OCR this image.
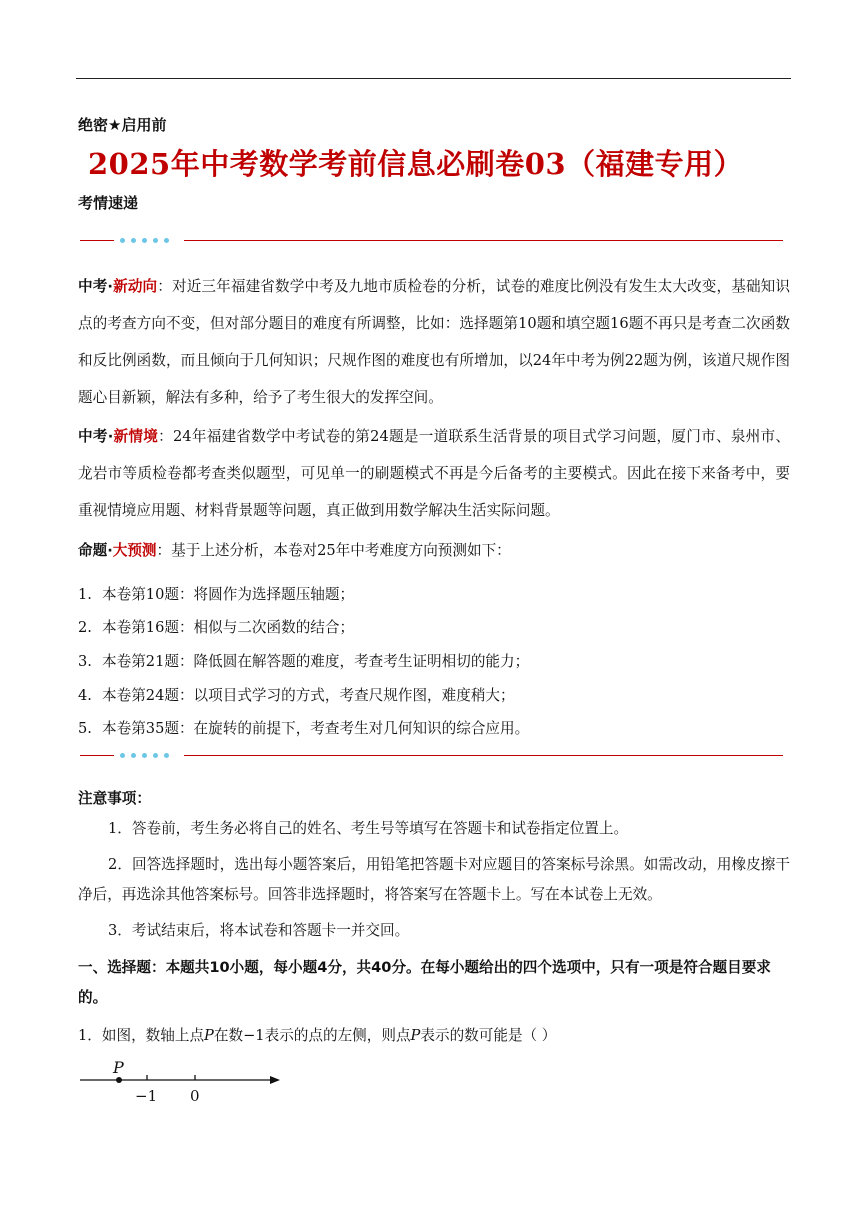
绝密★启用前
2025年中考数学考前信息必刷卷03（福建专用）
考情速递
中考·新动向：对近三年福建省数学中考及九地市质检卷的分析，试卷的难度比例没有发生太大改变，基础知识点的考查方向不变，但对部分题目的难度有所调整，比如：选择题第10题和填空题16题不再只是考查二次函数和反比例函数，而且倾向于几何知识；尺规作图的难度也有所增加，以24年中考为例22题为例，该道尺规作图题心目新颖，解法有多种，给予了考生很大的发挥空间。
中考·新情境：24年福建省数学中考试卷的第24题是一道联系生活背景的项目式学习问题，厦门市、泉州市、龙岩市等质检卷都考查类似题型，可见单一的刷题模式不再是今后备考的主要模式。因此在接下来备考中，要重视情境应用题、材料背景题等问题，真正做到用数学解决生活实际问题。
命题·大预测：基于上述分析，本卷对25年中考难度方向预测如下：
1. 本卷第10题：将圆作为选择题压轴题；
2. 本卷第16题：相似与二次函数的结合；
3. 本卷第21题：降低圆在解答题的难度，考查考生证明相切的能力；
4. 本卷第24题：以项目式学习的方式，考查尺规作图，难度稍大；
5. 本卷第35题：在旋转的前提下，考查考生对几何知识的综合应用。
注意事项：
1．答卷前，考生务必将自己的姓名、考生号等填写在答题卡和试卷指定位置上。
2．回答选择题时，选出每小题答案后，用铅笔把答题卡对应题目的答案标号涂黑。如需改动，用橡皮擦干净后，再选涂其他答案标号。回答非选择题时，将答案写在答题卡上。写在本试卷上无效。
3．考试结束后，将本试卷和答题卡一并交回。
一、选择题：本题共10小题，每小题4分，共40分。在每小题给出的四个选项中，只有一项是符合题目要求的。
1．如图，数轴上点P在数−1表示的点的左侧，则点P表示的数可能是（ ）
P
−1 0
